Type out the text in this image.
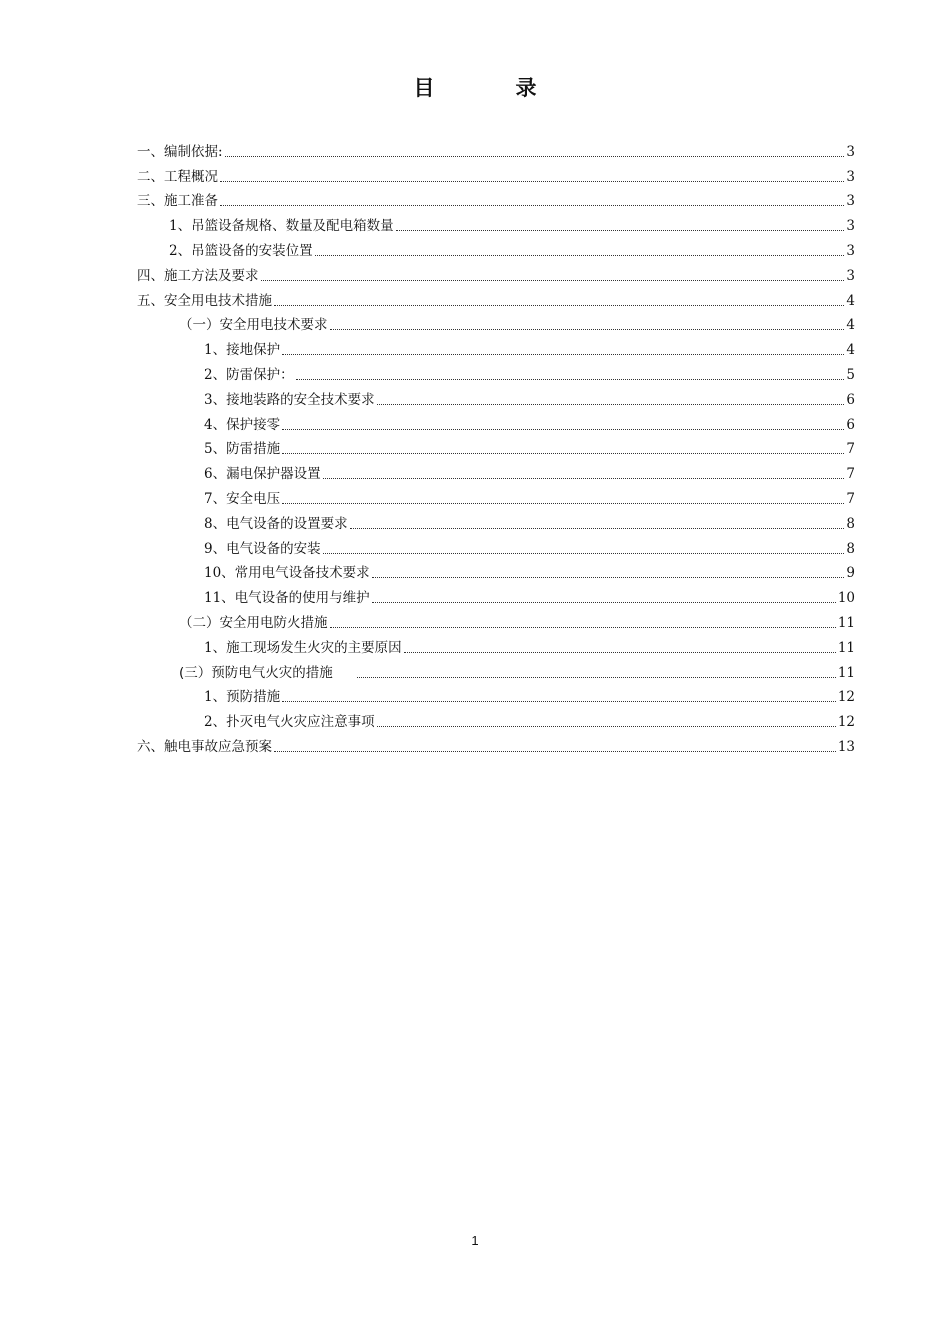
目　录
一、编制依据:	3
二、工程概况	3
三、施工准备	3
1、吊篮设备规格、数量及配电箱数量	3
2、吊篮设备的安装位置	3
四、施工方法及要求	3
五、安全用电技术措施	4
（一）安全用电技术要求	4
1、接地保护	4
2、防雷保护：	5
3、接地装路的安全技术要求	6
4、保护接零	6
5、防雷措施	7
6、漏电保护器设置	7
7、安全电压	7
8、电气设备的设置要求	8
9、电气设备的安装	8
10、常用电气设备技术要求	9
11、电气设备的使用与维护	10
（二）安全用电防火措施	11
1、施工现场发生火灾的主要原因	11
(三）预防电气火灾的措施	11
1、预防措施	12
2、扑灭电气火灾应注意事项	12
六、触电事故应急预案	13
1
